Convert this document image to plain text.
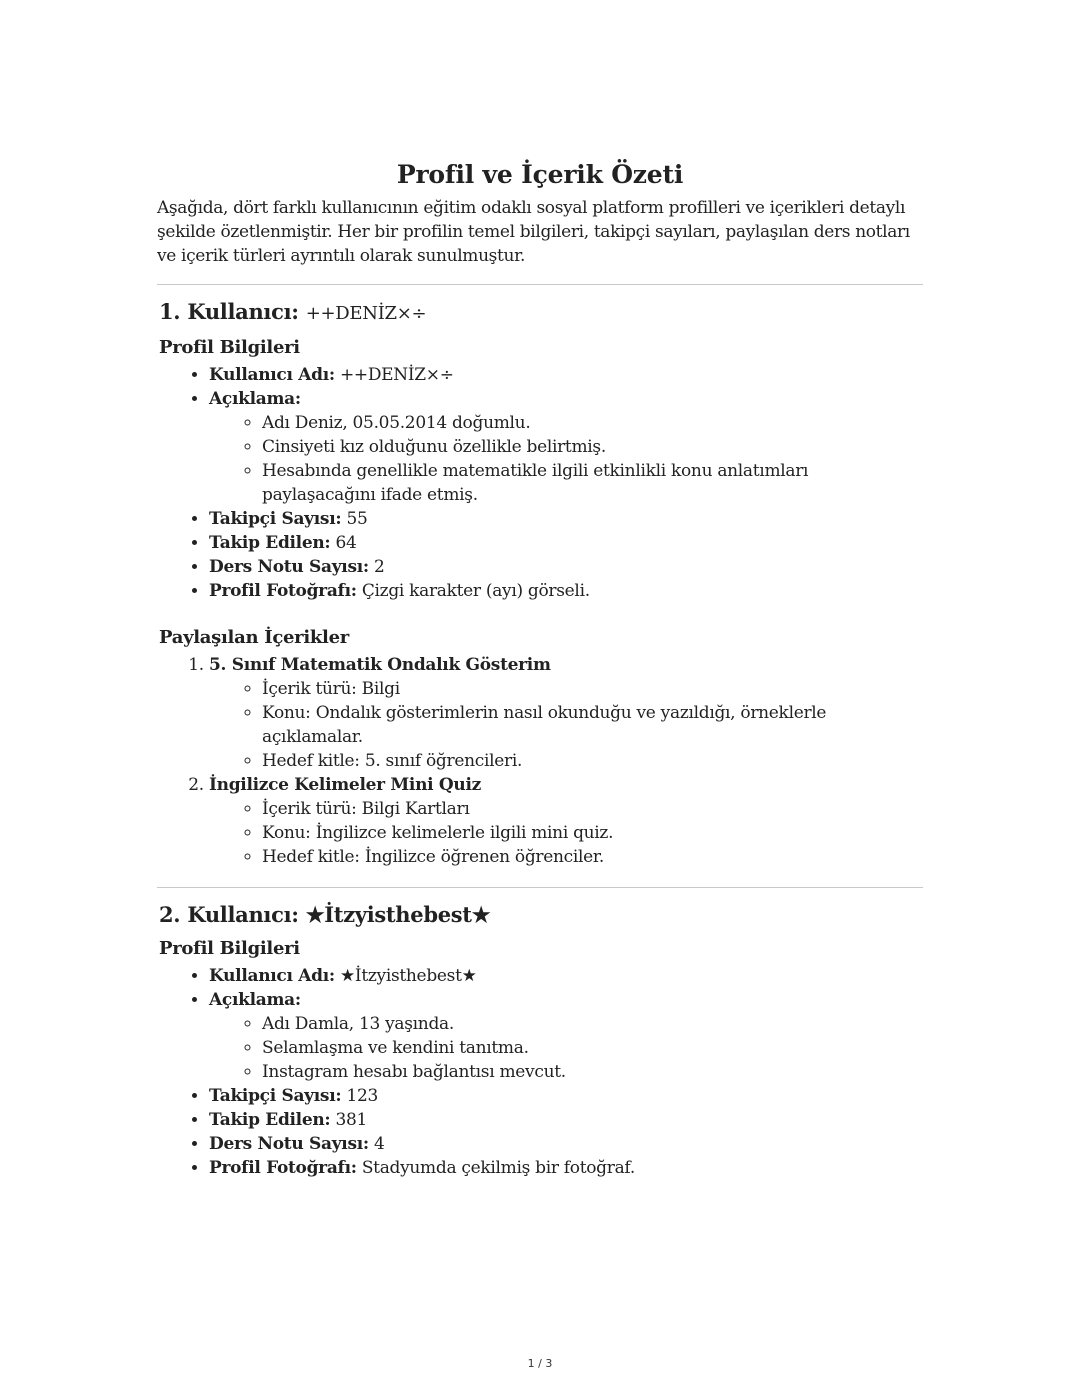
Profil ve İçerik Özeti

Aşağıda, dört farklı kullanıcının eğitim odaklı sosyal platform profilleri ve içerikleri detaylı şekilde özetlenmiştir. Her bir profilin temel bilgileri, takipçi sayıları, paylaşılan ders notları ve içerik türleri ayrıntılı olarak sunulmuştur.

1. Kullanıcı: ++DENİZ×÷
Profil Bilgileri
• Kullanıcı Adı: ++DENİZ×÷
• Açıklama:
◦ Adı Deniz, 05.05.2014 doğumlu.
◦ Cinsiyeti kız olduğunu özellikle belirtmiş.
◦ Hesabında genellikle matematikle ilgili etkinlikli konu anlatımları paylaşacağını ifade etmiş.
• Takipçi Sayısı: 55
• Takip Edilen: 64
• Ders Notu Sayısı: 2
• Profil Fotoğrafı: Çizgi karakter (ayı) görseli.
Paylaşılan İçerikler
1. 5. Sınıf Matematik Ondalık Gösterim
◦ İçerik türü: Bilgi
◦ Konu: Ondalık gösterimlerin nasıl okunduğu ve yazıldığı, örneklerle açıklamalar.
◦ Hedef kitle: 5. sınıf öğrencileri.
2. İngilizce Kelimeler Mini Quiz
◦ İçerik türü: Bilgi Kartları
◦ Konu: İngilizce kelimelerle ilgili mini quiz.
◦ Hedef kitle: İngilizce öğrenen öğrenciler.
2. Kullanıcı: ★İtzyisthebest★
Profil Bilgileri
• Kullanıcı Adı: ★İtzyisthebest★
• Açıklama:
◦ Adı Damla, 13 yaşında.
◦ Selamlaşma ve kendini tanıtma.
◦ Instagram hesabı bağlantısı mevcut.
• Takipçi Sayısı: 123
• Takip Edilen: 381
• Ders Notu Sayısı: 4
• Profil Fotoğrafı: Stadyumda çekilmiş bir fotoğraf.
1 / 3
